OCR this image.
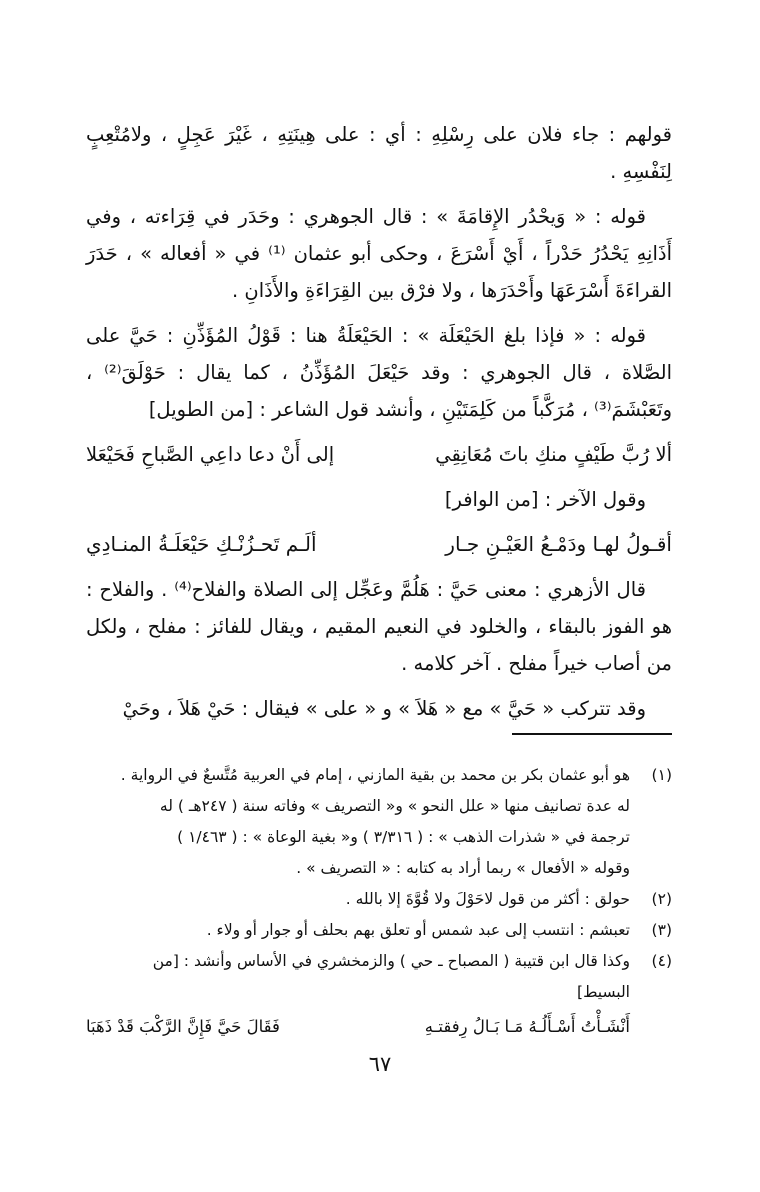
قولهم : جاء فلان على رِسْلِهِ : أي : على هِينَتِهِ ، غَيْرَ عَجِلٍ ، ولامُتْعِبٍ لِنَفْسِهِ .

قوله : « وَيحْدُر الإِقامَةَ » : قال الجوهري : وحَدَر في قِرَاءته ، وفي أَذَانِهِ يَحْدُرُ حَدْراً ، أَيْ أَسْرَعَ ، وحكى أبو عثمان ⁽¹⁾ في « أفعاله » ، حَدَرَ القراءَةَ أَسْرَعَهَا وأَحْدَرَها ، ولا فرْق بين القِرَاءَةِ والأَذَانِ .

قوله : « فإذا بلغ الحَيْعَلَة » : الحَيْعَلَةُ هنا : قَوْلُ المُؤَذِّنِ : حَيَّ على الصَّلاة ، قال الجوهري : وقد حَيْعَلَ المُؤَذِّنُ ، كما يقال : حَوْلَقَ⁽²⁾ ، وتَعَبْشَمَ⁽³⁾ ، مُرَكَّباً من كَلِمَتَيْنِ ، وأنشد قول الشاعر : [من الطويل]

ألا رُبَّ طَيْفٍ منكِ باتَ مُعَانِقِي
إلى أَنْ دعا داعِي الصَّباحِ فَحَيْعَلا

وقول الآخر : [من الوافر]

أقـولُ لهـا ودَمْـعُ العَيْـنِ جـار
ألَـم تَحـزُنْـكِ حَيْعَلَـةُ المنـادِي

قال الأزهري : معنى حَيَّ : هَلُمَّ وعَجِّل إلى الصلاة والفلاح⁽⁴⁾ . والفلاح : هو الفوز بالبقاء ، والخلود في النعيم المقيم ، ويقال للفائز : مفلح ، ولكل من أصاب خيراً مفلح . آخر كلامه .

وقد تتركب « حَيَّ » مع « هَلاَ » و « على » فيقال : حَيْ هَلاَ ، وحَيْ

(١)
هو أبو عثمان بكر بن محمد بن بقية المازني ، إمام في العربية مُتَّسعٌ في الرواية .
له عدة تصانيف منها « علل النحو » و« التصريف » وفاته سنة ( ٢٤٧هـ ) له
ترجمة في « شذرات الذهب » : ( ٣/٣١٦ ) و« بغية الوعاة » : ( ١/٤٦٣ )
وقوله « الأفعال » ربما أراد به كتابه : « التصريف » .
(٢)
حولق : أكثر من قول لاحَوْلَ ولا قُوَّةَ إلا بالله .
(٣)
تعبشم : انتسب إلى عبد شمس أو تعلق بهم بحلف أو جوار أو ولاء .
(٤)
وكذا قال ابن قتيبة ( المصباح ـ حي ) والزمخشري في الأساس وأنشد : [من
البسيط]
أَنْشَـأْتُ أَسْـأَلُـهُ مَـا بَـالُ رِفقتـهِ
فَقَالَ حَيَّ فَإِنَّ الرَّكْبَ قَدْ ذَهَبَا
٦٧
